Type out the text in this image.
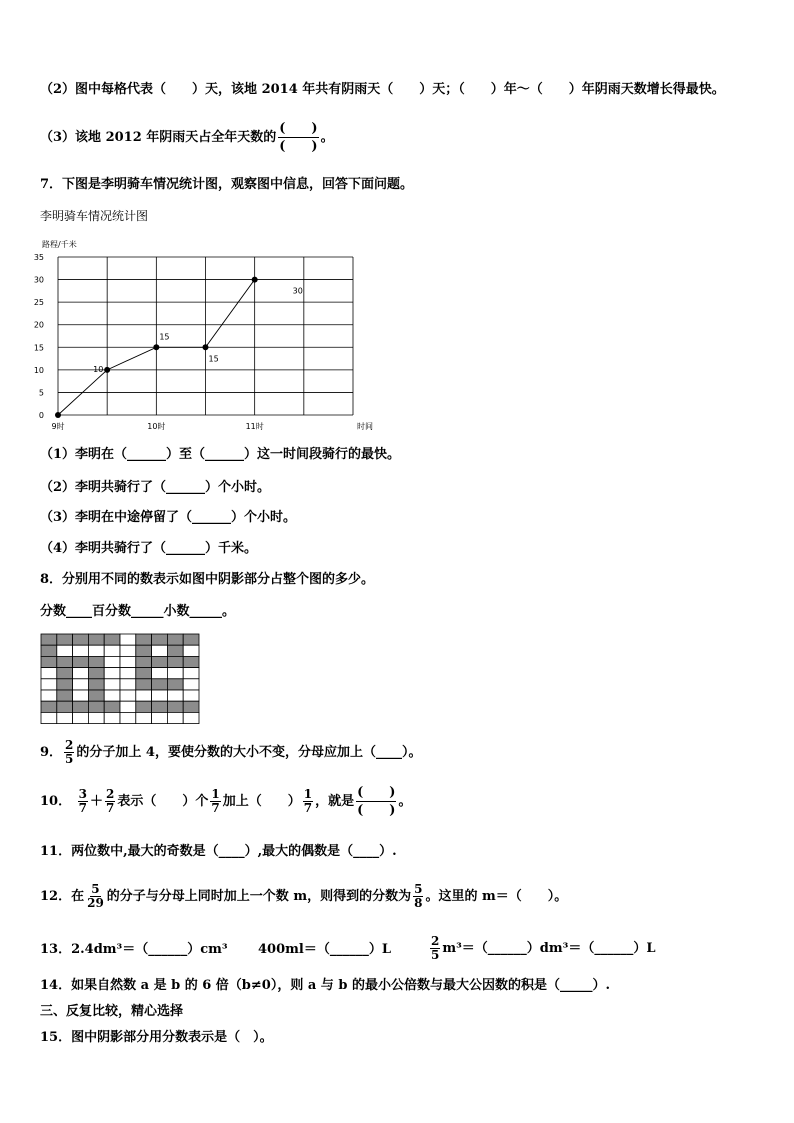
（2）图中每格代表（　　）天，该地 2014 年共有阴雨天（　　）天；（　　）年～（　　）年阴雨天数增长得最快。
（3）该地 2012 年阴雨天占全年天数的 $\frac{( )}{( )}$ 。
7．下图是李明骑车情况统计图，观察图中信息，回答下面问题。
李明骑车情况统计图
0
5
10
15
20
25
30
35
路程/千米
时间
9时	10时	11时
10
15
15
30
（1）李明在（______）至（______）这一时间段骑行的最快。
（2）李明共骑行了（______）个小时。
（3）李明在中途停留了（______）个小时。
（4）李明共骑行了（______）千米。
8．分别用不同的数表示如图中阴影部分占整个图的多少。
分数____百分数_____小数_____。
9． $\frac{2}{5}$ 的分子加上 4，要使分数的大小不变，分母应加上（____）。
10． $\frac{3}{7} + \frac{2}{7}$ 表示（　　）个 $\frac{1}{7}$ 加上（　　） $\frac{1}{7}$ ，就是 $\frac{( )}{( )}$ 。
11．两位数中,最大的奇数是（____）,最大的偶数是（____）.
12．在 $\frac{5}{29}$ 的分子与分母上同时加上一个数 m，则得到的分数为 $\frac{5}{8}$ 。这里的 m＝（　　）。
13．2.4dm³＝（______）cm³ 400ml＝（______）L	$\frac{2}{5}$ m³＝（______）dm³＝（______）L
14．如果自然数 a 是 b 的 6 倍（b≠0），则 a 与 b 的最小公倍数与最大公因数的积是（_____）.
三、反复比较，精心选择
15．图中阴影部分用分数表示是（　）。
